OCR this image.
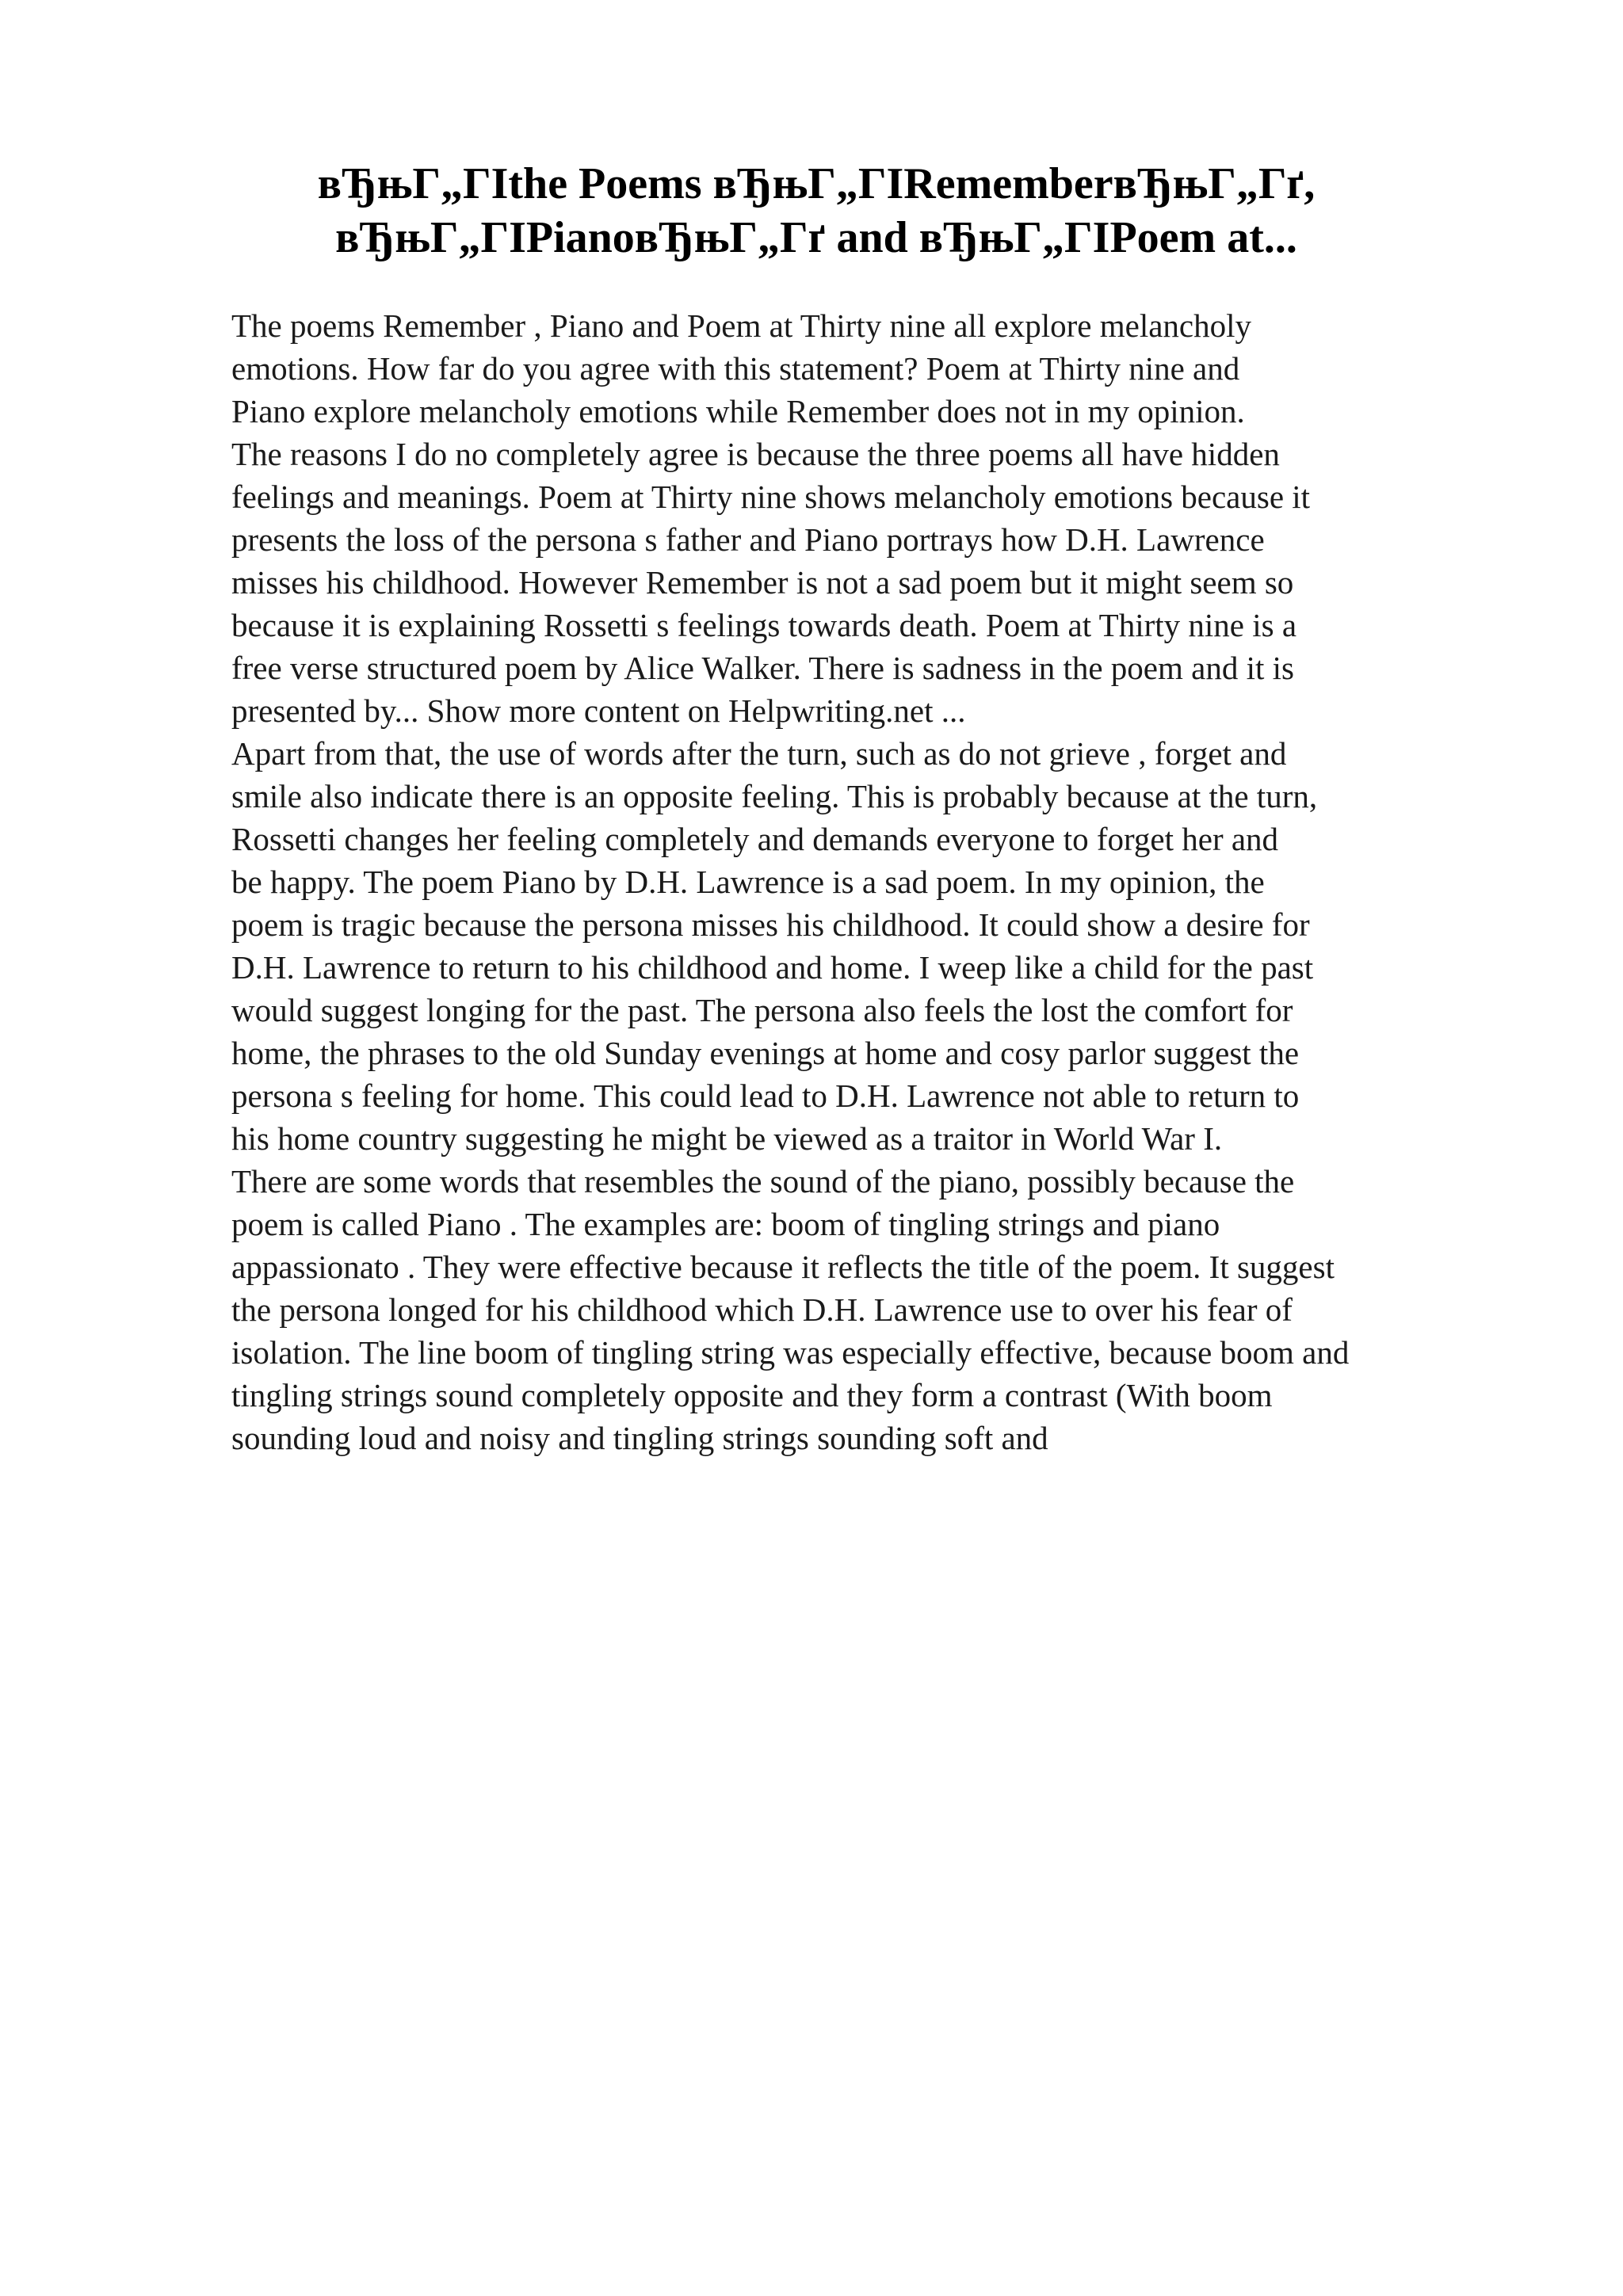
вЂњГ„ГIthe Poems вЂњГ„ГIRememberвЂњГ„Гґ,
вЂњГ„ГIPianoвЂњГ„Гґ and вЂњГ„ГIPoem at...
The poems Remember , Piano and Poem at Thirty nine all explore melancholy
emotions. How far do you agree with this statement? Poem at Thirty nine and
Piano explore melancholy emotions while Remember does not in my opinion.
The reasons I do no completely agree is because the three poems all have hidden
feelings and meanings. Poem at Thirty nine shows melancholy emotions because it
presents the loss of the persona s father and Piano portrays how D.H. Lawrence
misses his childhood. However Remember is not a sad poem but it might seem so
because it is explaining Rossetti s feelings towards death. Poem at Thirty nine is a
free verse structured poem by Alice Walker. There is sadness in the poem and it is
presented by... Show more content on Helpwriting.net ...
Apart from that, the use of words after the turn, such as do not grieve , forget and
smile also indicate there is an opposite feeling. This is probably because at the turn,
Rossetti changes her feeling completely and demands everyone to forget her and
be happy. The poem Piano by D.H. Lawrence is a sad poem. In my opinion, the
poem is tragic because the persona misses his childhood. It could show a desire for
D.H. Lawrence to return to his childhood and home. I weep like a child for the past
would suggest longing for the past. The persona also feels the lost the comfort for
home, the phrases to the old Sunday evenings at home and cosy parlor suggest the
persona s feeling for home. This could lead to D.H. Lawrence not able to return to
his home country suggesting he might be viewed as a traitor in World War I.
There are some words that resembles the sound of the piano, possibly because the
poem is called Piano . The examples are: boom of tingling strings and piano
appassionato . They were effective because it reflects the title of the poem. It suggest
the persona longed for his childhood which D.H. Lawrence use to over his fear of
isolation. The line boom of tingling string was especially effective, because boom and
tingling strings sound completely opposite and they form a contrast (With boom
sounding loud and noisy and tingling strings sounding soft and
